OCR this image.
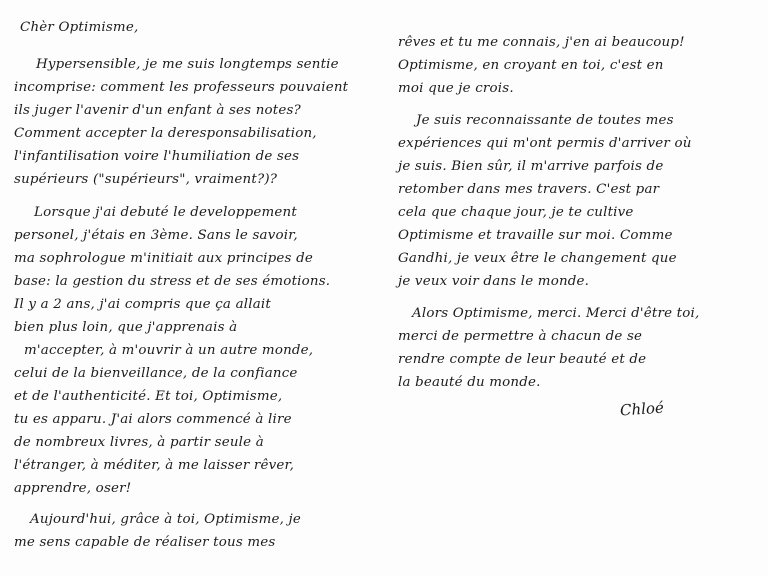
Chèr Optimisme,
Hypersensible, je me suis longtemps sentie
incomprise: comment les professeurs pouvaient
ils juger l'avenir d'un enfant à ses notes?
Comment accepter la deresponsabilisation,
l'infantilisation voire l'humiliation de ses
supérieurs ("supérieurs", vraiment?)?
Lorsque j'ai debuté le developpement
personel, j'étais en 3ème. Sans le savoir,
ma sophrologue m'initiait aux principes de
base: la gestion du stress et de ses émotions.
Il y a 2 ans, j'ai compris que ça allait
bien plus loin, que j'apprenais à
m'accepter, à m'ouvrir à un autre monde,
celui de la bienveillance, de la confiance
et de l'authenticité. Et toi, Optimisme,
tu es apparu. J'ai alors commencé à lire
de nombreux livres, à partir seule à
l'étranger, à méditer, à me laisser rêver,
apprendre, oser!
Aujourd'hui, grâce à toi, Optimisme, je
me sens capable de réaliser tous mes
rêves et tu me connais, j'en ai beaucoup!
Optimisme, en croyant en toi, c'est en
moi que je crois.
Je suis reconnaissante de toutes mes
expériences qui m'ont permis d'arriver où
je suis. Bien sûr, il m'arrive parfois de
retomber dans mes travers. C'est par
cela que chaque jour, je te cultive
Optimisme et travaille sur moi. Comme
Gandhi, je veux être le changement que
je veux voir dans le monde.
Alors Optimisme, merci. Merci d'être toi,
merci de permettre à chacun de se
rendre compte de leur beauté et de
la beauté du monde.
Chloé
